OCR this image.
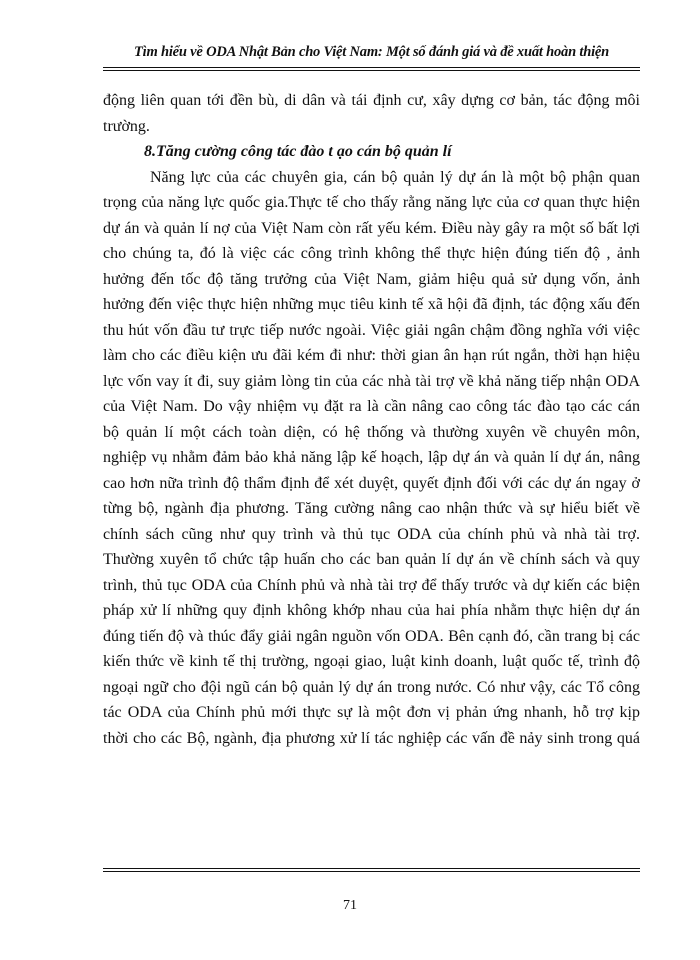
Tìm hiểu về ODA Nhật Bản cho Việt Nam: Một số đánh giá và đề xuất hoàn thiện
động liên quan tới đền bù, di dân và tái định cư, xây dựng cơ bản, tác động môi
trường.
8.Tăng cường công tác đào t ạo cán bộ quản lí
Năng lực của các chuyên gia, cán bộ quản lý dự án là một bộ phận quan
trọng của năng lực quốc gia.Thực tế cho thấy rằng năng lực của cơ quan thực hiện
dự án và quản lí nợ của Việt Nam còn rất yếu kém. Điều này gây ra một số bất lợi
cho chúng ta, đó là việc các công trình không thể thực hiện đúng tiến độ , ảnh
hưởng đến tốc độ tăng trưởng của Việt Nam, giảm hiệu quả sử dụng vốn, ảnh
hưởng đến việc thực hiện những mục tiêu kinh tế xã hội đã định, tác động xấu đến
thu hút vốn đầu tư trực tiếp nước ngoài. Việc giải ngân chậm đồng nghĩa với việc
làm cho các điều kiện ưu đãi kém đi như: thời gian ân hạn rút ngắn, thời hạn hiệu
lực vốn vay ít đi, suy giảm lòng tin của các nhà tài trợ về khả năng tiếp nhận ODA
của Việt Nam. Do vậy nhiệm vụ đặt ra là cần nâng cao công tác đào tạo các cán
bộ quản lí một cách toàn diện, có hệ thống và thường xuyên về chuyên môn,
nghiệp vụ nhằm đảm bảo khả năng lập kế hoạch, lập dự án và quản lí dự án, nâng
cao hơn nữa trình độ thẩm định để xét duyệt, quyết định đối với các dự án ngay ở
từng bộ, ngành địa phương. Tăng cường nâng cao nhận thức và sự hiểu biết về
chính sách cũng như quy trình và thủ tục ODA của chính phủ và nhà tài trợ.
Thường xuyên tổ chức tập huấn cho các ban quản lí dự án về chính sách và quy
trình, thủ tục ODA của Chính phủ và nhà tài trợ để thấy trước và dự kiến các biện
pháp xử lí những quy định không khớp nhau của hai phía nhằm thực hiện dự án
đúng tiến độ và thúc đẩy giải ngân nguồn vốn ODA. Bên cạnh đó, cần trang bị các
kiến thức về kinh tế thị trường, ngoại giao, luật kinh doanh, luật quốc tế, trình độ
ngoại ngữ cho đội ngũ cán bộ quản lý dự án trong nước. Có như vậy, các Tổ công
tác ODA của Chính phủ mới thực sự là một đơn vị phản ứng nhanh, hỗ trợ kịp
thời cho các Bộ, ngành, địa phương xử lí tác nghiệp các vấn đề nảy sinh trong quá
71
